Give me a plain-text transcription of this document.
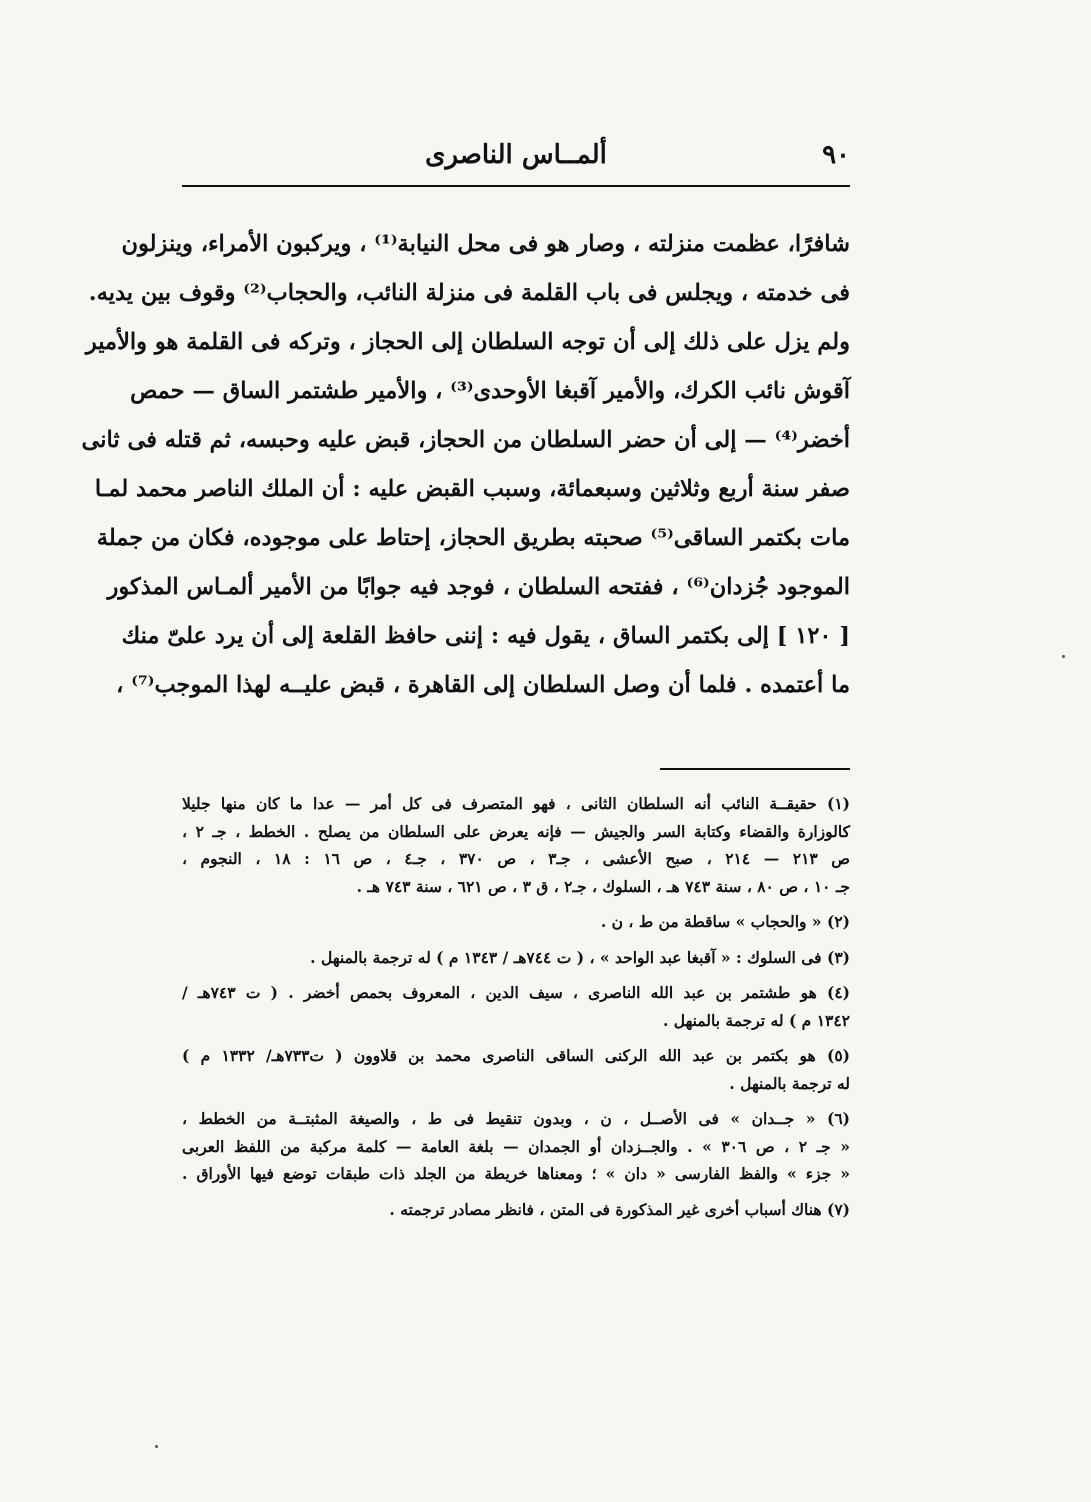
٩٠
ألمــاس الناصرى

شافرًا، عظمت منزلته ، وصار هو فى محل النيابة⁽¹⁾ ، ويركبون الأمراء، وينزلون

فى خدمته ، ويجلس فى باب القلمة فى منزلة النائب، والحجاب⁽²⁾ وقوف بين يديه.

ولم يزل على ذلك إلى أن توجه السلطان إلى الحجاز ، وتركه فى القلمة هو والأمير

آقوش نائب الكرك، والأمير آقبغا الأوحدى⁽³⁾ ، والأمير طشتمر الساق — حمص

أخضر⁽⁴⁾ — إلى أن حضر السلطان من الحجاز، قبض عليه وحبسه، ثم قتله فى ثانى

صفر سنة أربع وثلاثين وسبعمائة، وسبب القبض عليه : أن الملك الناصر محمد لمـا

مات بكتمر الساقى⁽⁵⁾ صحبته بطريق الحجاز، إحتاط على موجوده، فكان من جملة

الموجود جُزدان⁽⁶⁾ ، ففتحه السلطان ، فوجد فيه جوابًا من الأمير ألمـاس المذكور

[ ١٢٠ ] إلى بكتمر الساق ، يقول فيه : إننى حافظ القلعة إلى أن يرد علىّ منك

ما أعتمده . فلما أن وصل السلطان إلى القاهرة ، قبض عليــه لهذا الموجب⁽⁷⁾ ،

(١) حقيقــة النائب أنه السلطان الثانى ، فهو المتصرف فى كل أمر — عدا ما كان منها جليلا
كالوزارة والقضاء وكتابة السر والجيش — فإنه يعرض على السلطان من يصلح . الخطط ، جـ ٢ ،
ص ٢١٣ — ٢١٤ ، صبح الأعشى ، جـ٣ ، ص ٣٧٠ ، جـ٤ ، ص ١٦ : ١٨ ، النجوم ،
جـ ١٠ ، ص ٨٠ ، سنة ٧٤٣ هـ ، السلوك ، جـ٢ ، ق ٣ ، ص ٦٢١ ، سنة ٧٤٣ هـ .
(٢) « والحجاب » ساقطة من ط ، ن .
(٣) فى السلوك : « آقبغا عبد الواحد » ، ( ت ٧٤٤هـ / ١٣٤٣ م ) له ترجمة بالمنهل .
(٤) هو طشتمر بن عبد الله الناصرى ، سيف الدين ، المعروف بحمص أخضر . ( ت ٧٤٣هـ /
١٣٤٢ م ) له ترجمة بالمنهل .
(٥) هو بكتمر بن عبد الله الركنى الساقى الناصرى محمد بن قلاوون ( ت٧٣٣هـ/ ١٣٣٢ م )
له ترجمة بالمنهل .
(٦) « جــدان » فى الأصــل ، ن ، وبدون تنقيط فى ط ، والصيغة المثبتــة من الخطط ،
« جـ ٢ ، ص ٣٠٦ » . والجــزدان أو الجمدان — بلغة العامة — كلمة مركبة من اللفظ العربى
« جزء » والفظ الفارسى « دان » ؛ ومعناها خريطة من الجلد ذات طبقات توضع فيها الأوراق .
(٧) هناك أسباب أخرى غير المذكورة فى المتن ، فانظر مصادر ترجمته .
